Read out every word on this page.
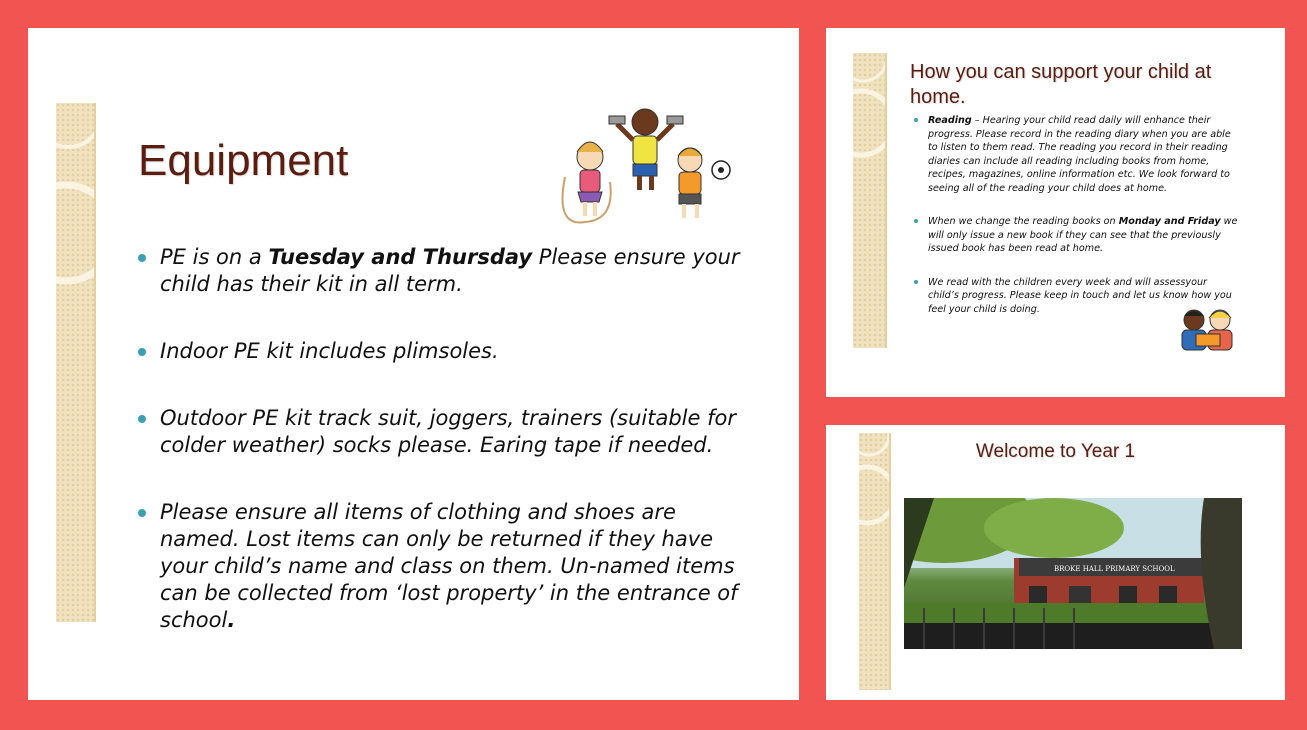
Equipment
PE is on a Tuesday and Thursday Please ensure your child has their kit in all term.
Indoor PE kit includes plimsoles.
Outdoor PE kit track suit, joggers, trainers (suitable for colder weather) socks please. Earing tape if needed.
Please ensure all items of clothing and shoes are named. Lost items can only be returned if they have your child’s name and class on them. Un-named items can be collected from ‘lost property’ in the entrance of school.
How you can support your child at home.
Reading – Hearing your child read daily will enhance their progress. Please record in the reading diary when you are able to listen to them read. The reading you record in their reading diaries can include all reading including books from home, recipes, magazines, online information etc. We look forward to seeing all of the reading your child does at home.
When we change the reading books on Monday and Friday we will only issue a new book if they can see that the previously issued book has been read at home.
We read with the children every week and will assessyour child’s progress. Please keep in touch and let us know how you feel your child is doing.
Welcome to Year 1
BROKE HALL PRIMARY SCHOOL
